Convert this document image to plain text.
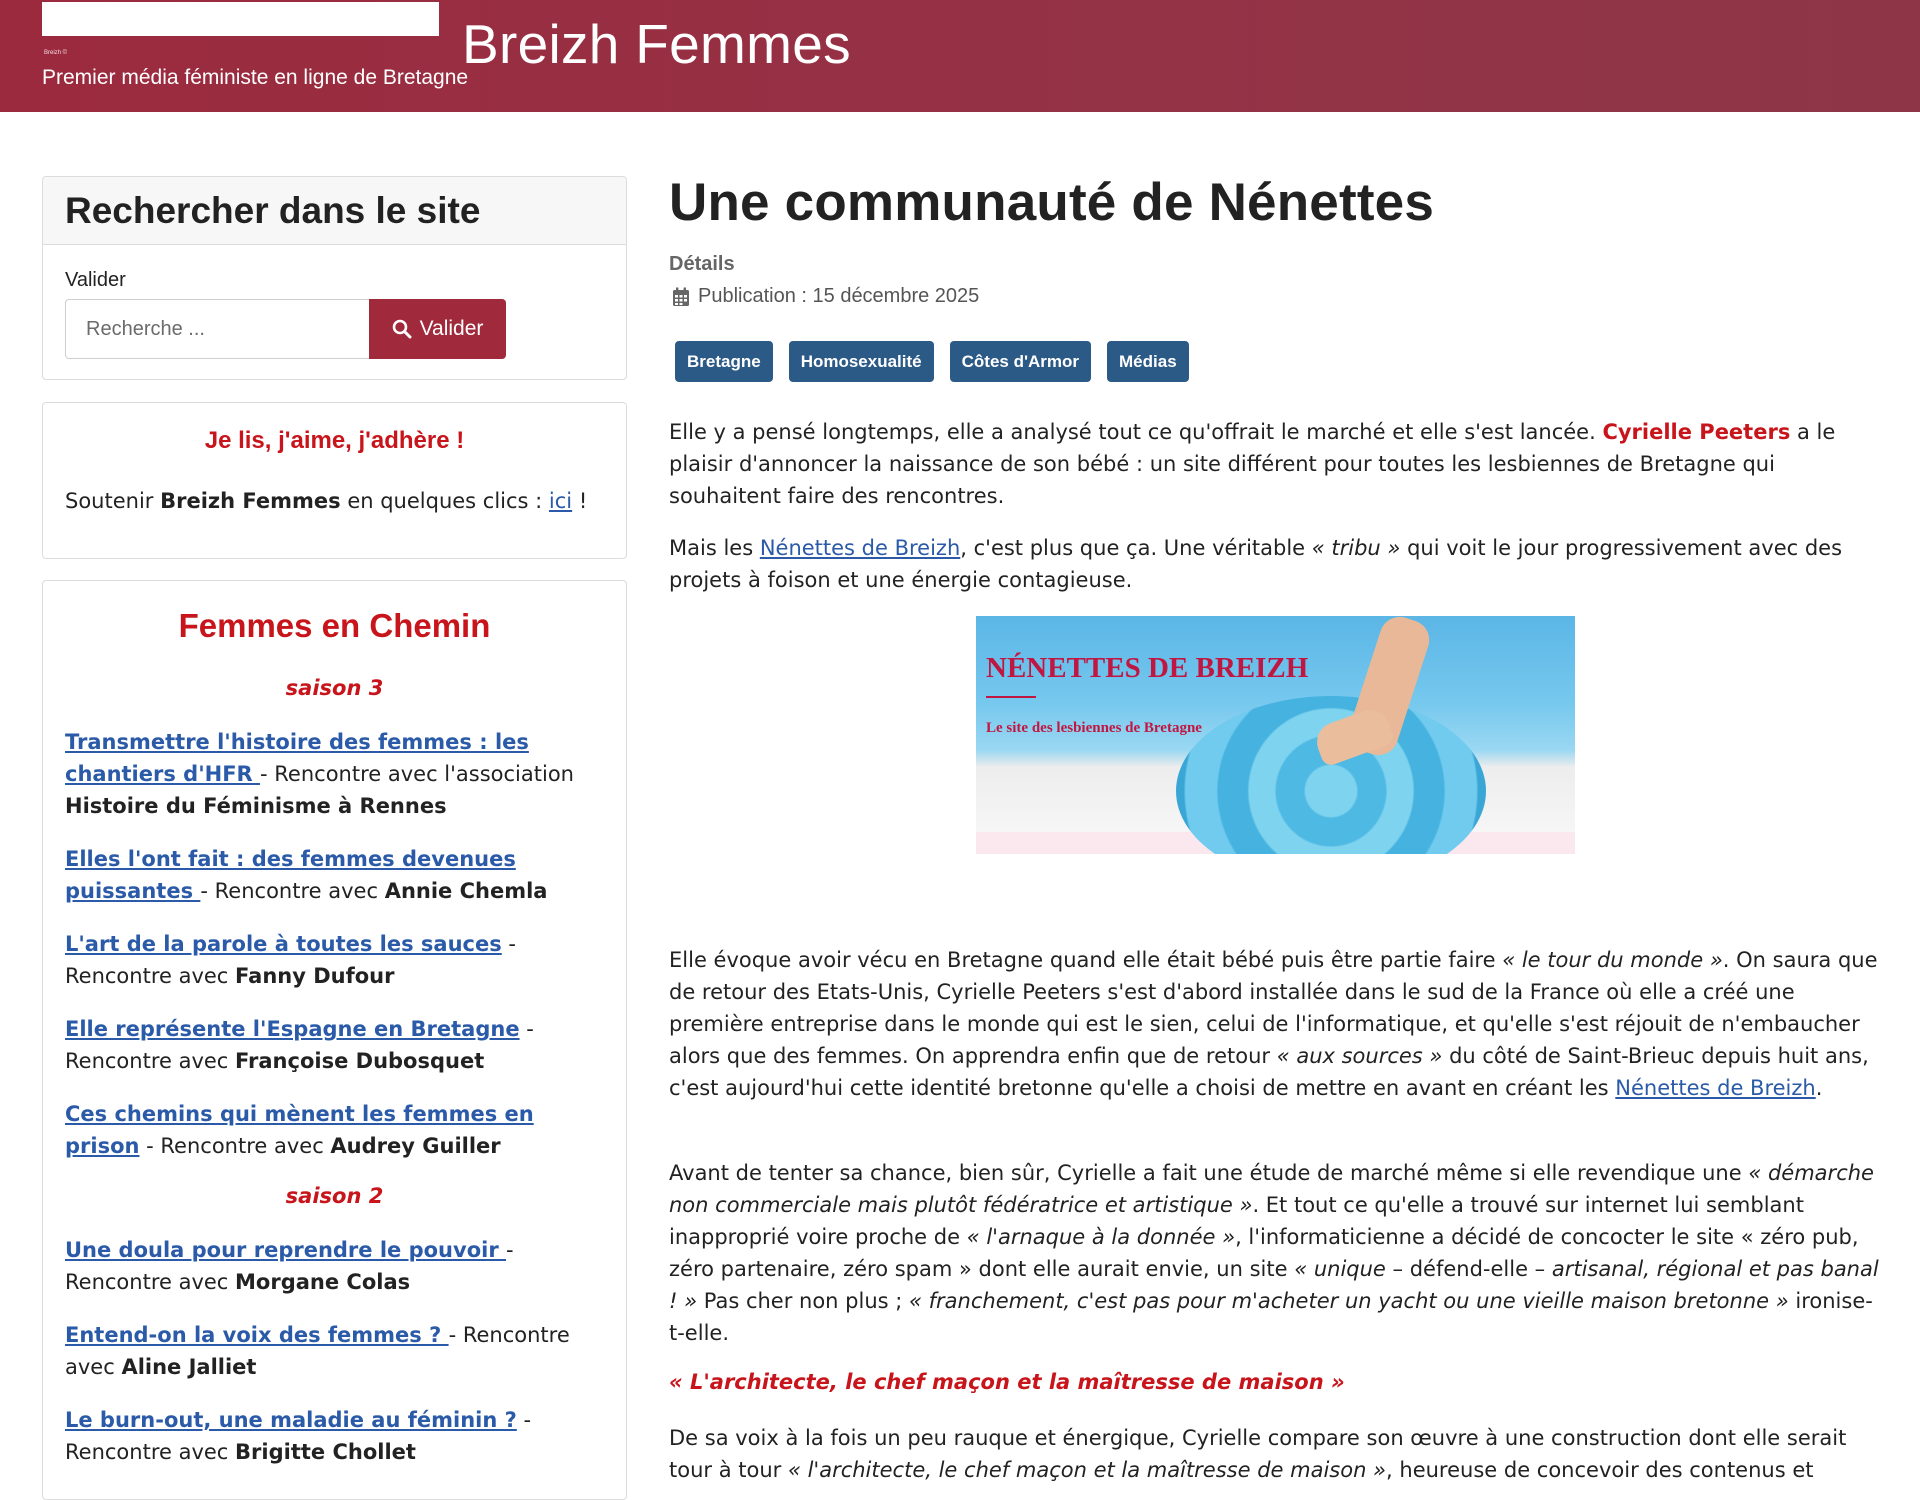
Breizh ©	Breizh Femmes
Premier média féministe en ligne de Bretagne
Rechercher dans le site
Valider
Recherche ...
Valider
Je lis, j'aime, j'adhère !
Soutenir Breizh Femmes en quelques clics : ici !
Femmes en Chemin
saison 3
Transmettre l'histoire des femmes : les chantiers d'HFR - Rencontre avec l'association Histoire du Féminisme à Rennes
Elles l'ont fait : des femmes devenues puissantes - Rencontre avec Annie Chemla
L'art de la parole à toutes les sauces - Rencontre avec Fanny Dufour
Elle représente l'Espagne en Bretagne - Rencontre avec Françoise Dubosquet
Ces chemins qui mènent les femmes en prison - Rencontre avec Audrey Guiller
saison 2
Une doula pour reprendre le pouvoir - Rencontre avec Morgane Colas
Entend-on la voix des femmes ? - Rencontre avec Aline Jalliet
Le burn-out, une maladie au féminin ? - Rencontre avec Brigitte Chollet
Une communauté de Nénettes
Détails
Publication : 15 décembre 2025
Bretagne	Homosexualité	Côtes d'Armor	Médias

Elle y a pensé longtemps, elle a analysé tout ce qu'offrait le marché et elle s'est lancée. Cyrielle Peeters a le plaisir d'annoncer la naissance de son bébé : un site différent pour toutes les lesbiennes de Bretagne qui souhaitent faire des rencontres.

Mais les Nénettes de Breizh, c'est plus que ça. Une véritable « tribu » qui voit le jour progressivement avec des projets à foison et une énergie contagieuse.

NÉNETTES DE BREIZH
Le site des lesbiennes de Bretagne

Elle évoque avoir vécu en Bretagne quand elle était bébé puis être partie faire « le tour du monde ». On saura que de retour des Etats-Unis, Cyrielle Peeters s'est d'abord installée dans le sud de la France où elle a créé une première entreprise dans le monde qui est le sien, celui de l'informatique, et qu'elle s'est réjouit de n'embaucher alors que des femmes. On apprendra enfin que de retour « aux sources » du côté de Saint-Brieuc depuis huit ans, c'est aujourd'hui cette identité bretonne qu'elle a choisi de mettre en avant en créant les Nénettes de Breizh.

Avant de tenter sa chance, bien sûr, Cyrielle a fait une étude de marché même si elle revendique une « démarche non commerciale mais plutôt fédératrice et artistique ». Et tout ce qu'elle a trouvé sur internet lui semblant inapproprié voire proche de « l'arnaque à la donnée », l'informaticienne a décidé de concocter le site « zéro pub, zéro partenaire, zéro spam » dont elle aurait envie, un site « unique – défend-elle – artisanal, régional et pas banal ! » Pas cher non plus ; « franchement, c'est pas pour m'acheter un yacht ou une vieille maison bretonne » ironise-t-elle.

« L'architecte, le chef maçon et la maîtresse de maison »

De sa voix à la fois un peu rauque et énergique, Cyrielle compare son œuvre à une construction dont elle serait tour à tour « l'architecte, le chef maçon et la maîtresse de maison », heureuse de concevoir des contenus et
